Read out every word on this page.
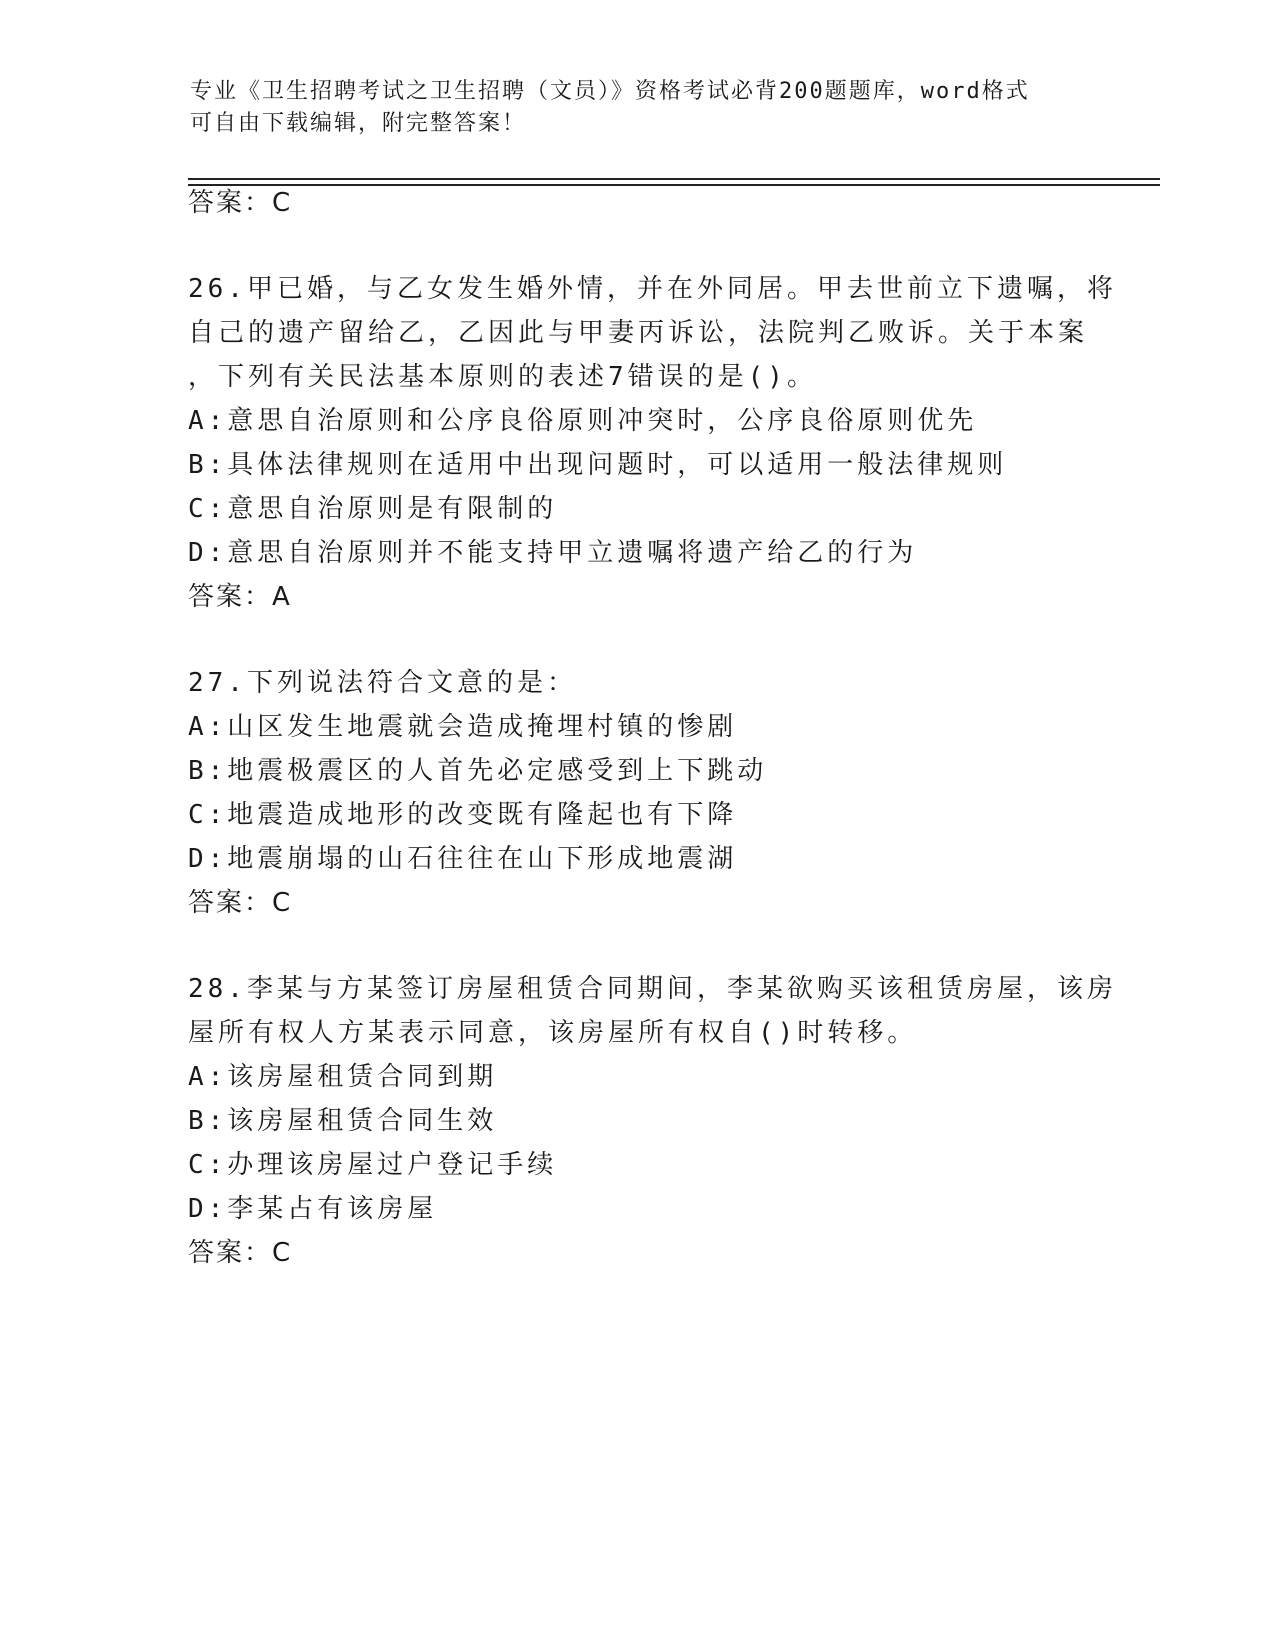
专业《卫生招聘考试之卫生招聘（文员）》资格考试必背200题题库，word格式
可自由下载编辑，附完整答案！
答案：C
26.甲已婚，与乙女发生婚外情，并在外同居。甲去世前立下遗嘱，将
自己的遗产留给乙，乙因此与甲妻丙诉讼，法院判乙败诉。关于本案
，下列有关民法基本原则的表述7错误的是()。
A:意思自治原则和公序良俗原则冲突时，公序良俗原则优先
B:具体法律规则在适用中出现问题时，可以适用一般法律规则
C:意思自治原则是有限制的
D:意思自治原则并不能支持甲立遗嘱将遗产给乙的行为
答案：A
27.下列说法符合文意的是：
A:山区发生地震就会造成掩埋村镇的惨剧
B:地震极震区的人首先必定感受到上下跳动
C:地震造成地形的改变既有隆起也有下降
D:地震崩塌的山石往往在山下形成地震湖
答案：C
28.李某与方某签订房屋租赁合同期间，李某欲购买该租赁房屋，该房
屋所有权人方某表示同意，该房屋所有权自()时转移。
A:该房屋租赁合同到期
B:该房屋租赁合同生效
C:办理该房屋过户登记手续
D:李某占有该房屋
答案：C
